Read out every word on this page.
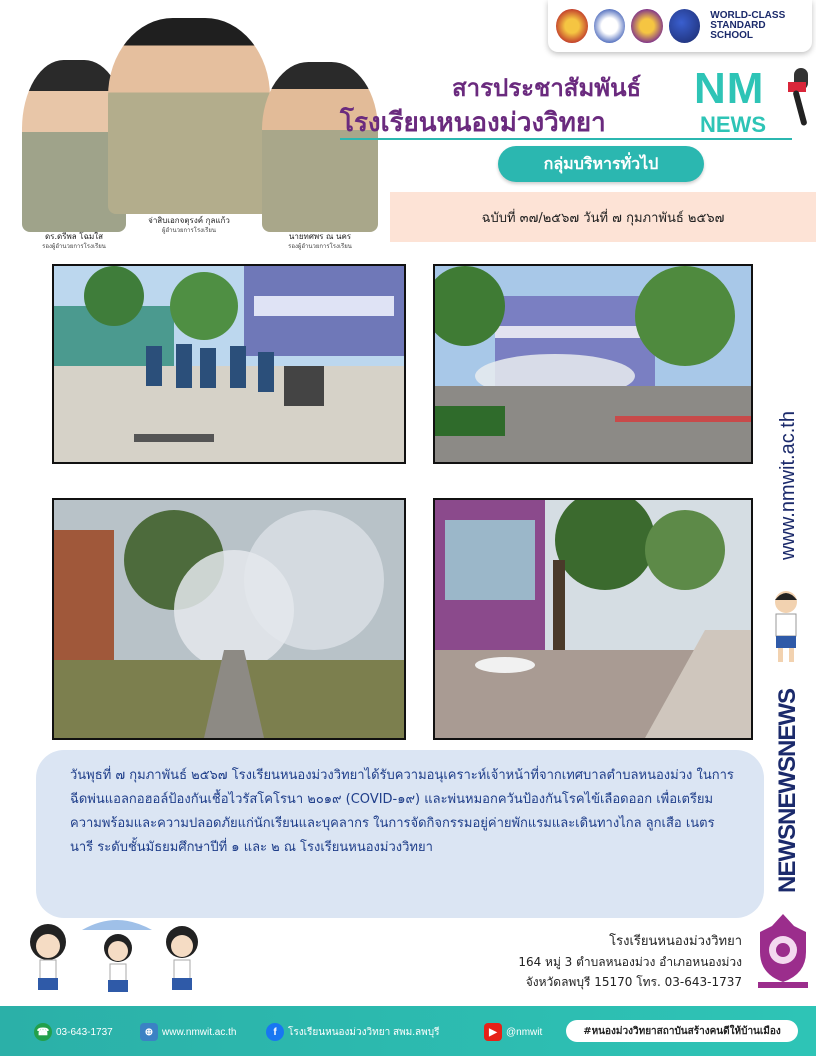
WORLD-CLASS
STANDARD SCHOOL
ดร.ดรีพล โฉมใส
รองผู้อำนวยการโรงเรียน
จ่าสิบเอกจตุรงค์ กุลแก้ว
ผู้อำนวยการโรงเรียน
นายทศพร ณ นคร
รองผู้อำนวยการโรงเรียน
สารประชาสัมพันธ์
โรงเรียนหนองม่วงวิทยา
NM
NEWS
กลุ่มบริหารทั่วไป
ฉบับที่ ๓๗/๒๕๖๗ วันที่ ๗ กุมภาพันธ์ ๒๕๖๗
www.nmwit.ac.th
NEWSNEWSNEWS

วันพุธที่ ๗ กุมภาพันธ์ ๒๕๖๗ โรงเรียนหนองม่วงวิทยาได้รับความอนุเคราะห์เจ้าหน้าที่จากเทศบาลตำบลหนองม่วง ในการฉีดพ่นแอลกอฮอล์ป้องกันเชื้อไวรัสโคโรนา ๒๐๑๙ (COVID-๑๙) และพ่นหมอกควันป้องกันโรคไข้เลือดออก เพื่อเตรียมความพร้อมและความปลอดภัยแก่นักเรียนและบุคลากร ในการจัดกิจกรรมอยู่ค่ายพักแรมและเดินทางไกล ลูกเสือ เนตรนารี ระดับชั้นมัธยมศึกษาปีที่ ๑ และ ๒ ณ โรงเรียนหนองม่วงวิทยา

โรงเรียนหนองม่วงวิทยา
164 หมู่ 3 ตำบลหนองม่วง อำเภอหนองม่วง
จังหวัดลพบุรี 15170 โทร. 03-643-1737
☎ 03-643-1737	⊕ www.nmwit.ac.th	f	โรงเรียนหนองม่วงวิทยา สพม.ลพบุรี	▶ @nmwit	#หนองม่วงวิทยาสถาบันสร้างคนดีให้บ้านเมือง
